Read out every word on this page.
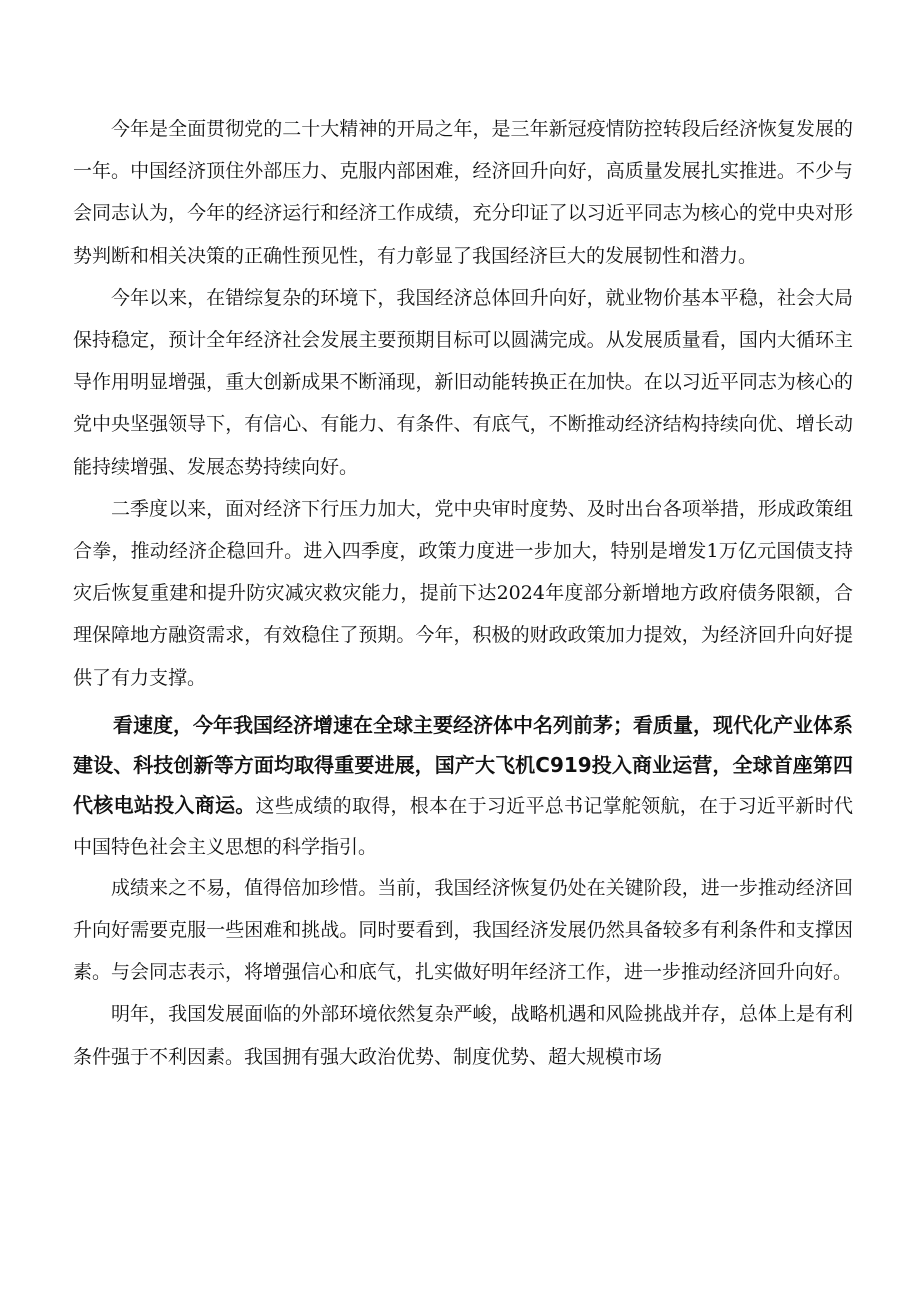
今年是全面贯彻党的二十大精神的开局之年，是三年新冠疫情防控转段后经济恢复发展的一年。中国经济顶住外部压力、克服内部困难，经济回升向好，高质量发展扎实推进。不少与会同志认为，今年的经济运行和经济工作成绩，充分印证了以习近平同志为核心的党中央对形势判断和相关决策的正确性预见性，有力彰显了我国经济巨大的发展韧性和潜力。

今年以来，在错综复杂的环境下，我国经济总体回升向好，就业物价基本平稳，社会大局保持稳定，预计全年经济社会发展主要预期目标可以圆满完成。从发展质量看，国内大循环主导作用明显增强，重大创新成果不断涌现，新旧动能转换正在加快。在以习近平同志为核心的党中央坚强领导下，有信心、有能力、有条件、有底气，不断推动经济结构持续向优、增长动能持续增强、发展态势持续向好。

二季度以来，面对经济下行压力加大，党中央审时度势、及时出台各项举措，形成政策组合拳，推动经济企稳回升。进入四季度，政策力度进一步加大，特别是增发1万亿元国债支持灾后恢复重建和提升防灾减灾救灾能力，提前下达2024年度部分新增地方政府债务限额，合理保障地方融资需求，有效稳住了预期。今年，积极的财政政策加力提效，为经济回升向好提供了有力支撑。

看速度，今年我国经济增速在全球主要经济体中名列前茅；看质量，现代化产业体系建设、科技创新等方面均取得重要进展，国产大飞机C919投入商业运营，全球首座第四代核电站投入商运。这些成绩的取得，根本在于习近平总书记掌舵领航，在于习近平新时代中国特色社会主义思想的科学指引。

成绩来之不易，值得倍加珍惜。当前，我国经济恢复仍处在关键阶段，进一步推动经济回升向好需要克服一些困难和挑战。同时要看到，我国经济发展仍然具备较多有利条件和支撑因素。与会同志表示，将增强信心和底气，扎实做好明年经济工作，进一步推动经济回升向好。

明年，我国发展面临的外部环境依然复杂严峻，战略机遇和风险挑战并存，总体上是有利条件强于不利因素。我国拥有强大政治优势、制度优势、超大规模市场
